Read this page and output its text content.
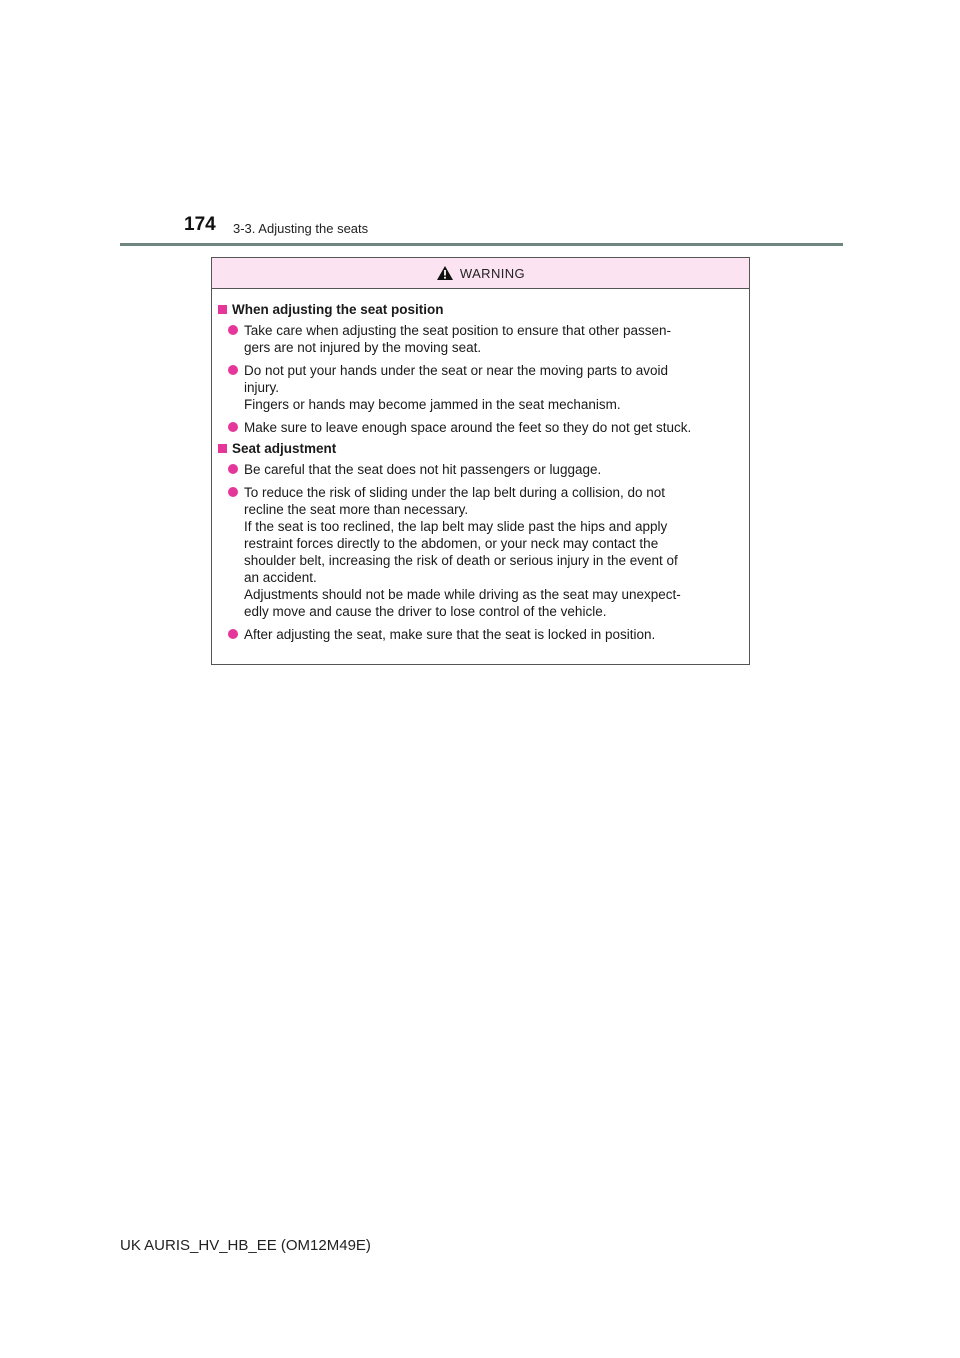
174 3-3. Adjusting the seats
WARNING
When adjusting the seat position
Take care when adjusting the seat position to ensure that other passen-
gers are not injured by the moving seat.
Do not put your hands under the seat or near the moving parts to avoid
injury.
Fingers or hands may become jammed in the seat mechanism.
Make sure to leave enough space around the feet so they do not get stuck.
Seat adjustment
Be careful that the seat does not hit passengers or luggage.
To reduce the risk of sliding under the lap belt during a collision, do not
recline the seat more than necessary.
If the seat is too reclined, the lap belt may slide past the hips and apply
restraint forces directly to the abdomen, or your neck may contact the
shoulder belt, increasing the risk of death or serious injury in the event of
an accident.
Adjustments should not be made while driving as the seat may unexpect-
edly move and cause the driver to lose control of the vehicle.
After adjusting the seat, make sure that the seat is locked in position.
UK AURIS_HV_HB_EE (OM12M49E)
